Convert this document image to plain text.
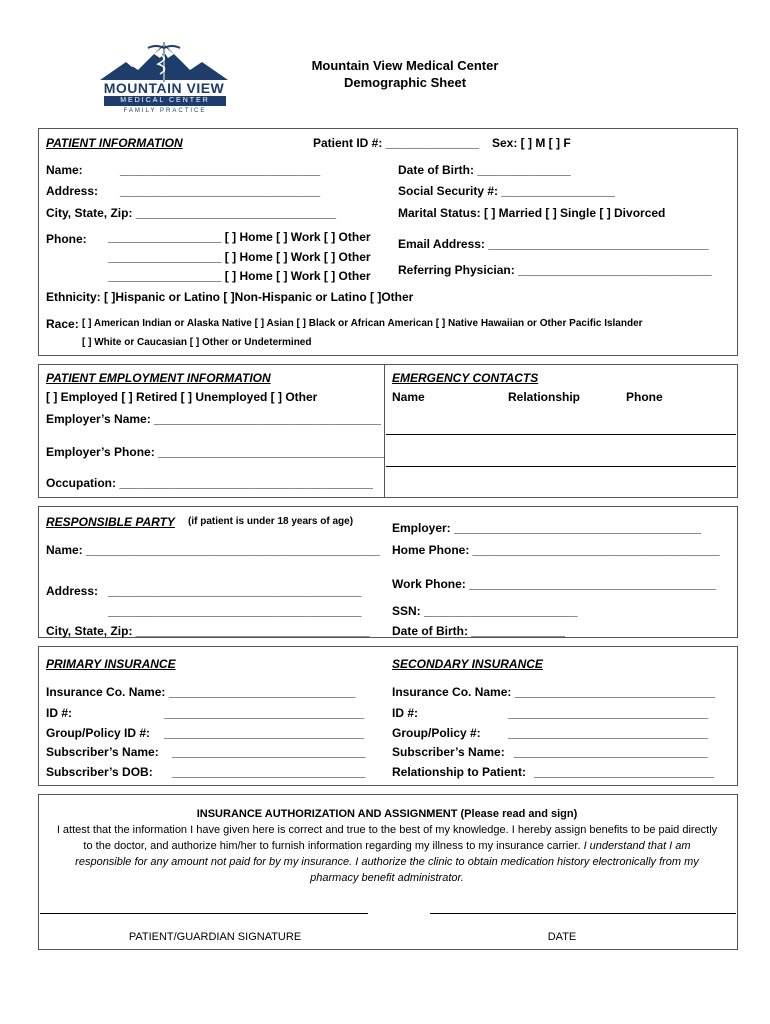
MOUNTAIN VIEW
MEDICAL CENTER
FAMILY PRACTICE
Mountain View Medical Center
Demographic Sheet
PATIENT INFORMATION	Patient ID #: ______________ Sex: [ ] M [ ] F
Name:	______________________________	Date of Birth: ______________
Address: ______________________________	Social Security #: _________________
City, State, Zip: ______________________________	Marital Status: [ ] Married [ ] Single [ ] Divorced
Phone: _________________ [ ] Home [ ] Work [ ] Other
_________________ [ ] Home [ ] Work [ ] Other
_________________ [ ] Home [ ] Work [ ] Other
Email Address: _________________________________
Referring Physician: _____________________________
Ethnicity: [ ]Hispanic or Latino [ ]Non-Hispanic or Latino [ ]Other
Race: [ ] American Indian or Alaska Native [ ] Asian [ ] Black or African American [ ] Native Hawaiian or Other Pacific Islander
[ ] White or Caucasian [ ] Other or Undetermined
PATIENT EMPLOYMENT INFORMATION
[ ] Employed [ ] Retired [ ] Unemployed [ ] Other
Employer’s Name: __________________________________
Employer’s Phone: __________________________________
Occupation: ______________________________________
EMERGENCY CONTACTS
Name	Relationship	Phone
RESPONSIBLE PARTY (if patient is under 18 years of age)	Employer: _____________________________________
Name: ____________________________________________ Home Phone: _____________________________________
Address: ______________________________________
______________________________________
Work Phone: _____________________________________
SSN: _______________________
City, State, Zip: ___________________________________ Date of Birth: ______________
PRIMARY INSURANCE
Insurance Co. Name: ____________________________
ID #:	______________________________
Group/Policy ID #: ______________________________
Subscriber’s Name: _____________________________
Subscriber’s DOB: _____________________________
SECONDARY INSURANCE
Insurance Co. Name: ______________________________
ID #:	______________________________
Group/Policy #: ______________________________
Subscriber’s Name: _____________________________
Relationship to Patient: ___________________________
INSURANCE AUTHORIZATION AND ASSIGNMENT (Please read and sign)
I attest that the information I have given here is correct and true to the best of my knowledge. I hereby assign benefits to be paid directly
to the doctor, and authorize him/her to furnish information regarding my illness to my insurance carrier. I understand that I am
responsible for any amount not paid for by my insurance. I authorize the clinic to obtain medication history electronically from my
pharmacy benefit administrator.
PATIENT/GUARDIAN SIGNATURE	DATE
